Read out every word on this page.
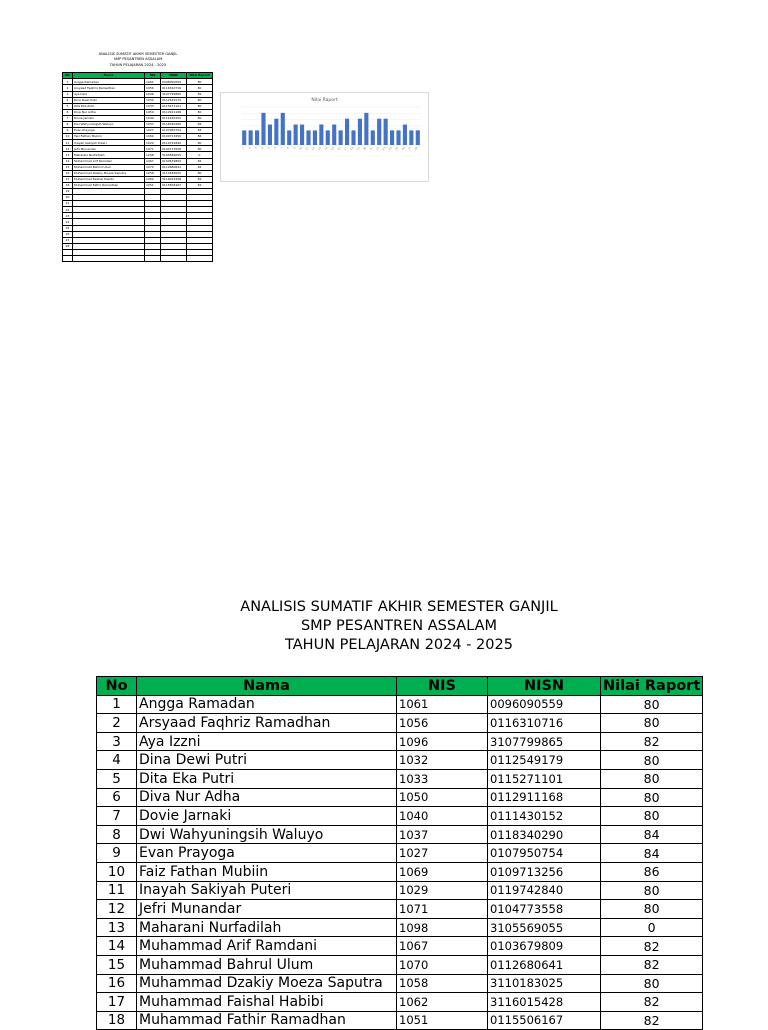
ANALISIS SUMATIF AKHIR SEMESTER GANJIL
SMP PESANTREN ASSALAM
TAHUN PELAJARAN 2024 - 2025
No	Nama	NIS	NISN	Nilai Raport
1	Angga Ramadan	1061	0096090559	80
2	Arsyaad Faqhriz Ramadhan	1056	0116310716	80
3	Aya Izzni	1096	3107799865	82
4	Dina Dewi Putri	1032	0112549179	80
5	Dita Eka Putri	1033	0115271101	80
6	Diva Nur Adha	1050	0112911168	80
7	Dovie Jarnaki	1040	0111430152	80
8	Dwi Wahyuningsih Waluyo	1037	0118340290	84
9	Evan Prayoga	1027	0107950754	84
10	Faiz Fathan Mubiin	1069	0109713256	86
11	Inayah Sakiyah Puteri	1029	0119742840	80
12	Jefri Munandar	1071	0104773558	80
13	Maharani Nurfadilah	1098	3105569055	0
14	Muhammad Arif Ramdani	1067	0103679809	82
15	Muhammad Bahrul Ulum	1070	0112680641	82
16	Muhammad Dzakiy Moeza Saputra	1058	3110183025	80
17	Muhammad Faishal Habibi	1062	3116015428	82
18	Muhammad Fathir Ramadhan	1051	0115506167	82
19				
20				
21				
22				
23				
24				
25				
26				
27				
28				

Nilai Raport
1 2 3 4 5 6 7 8 9 10 11 12 13 14 15 16 17 18 19 20 21 22 23 24 25 26 27 28
ANALISIS SUMATIF AKHIR SEMESTER GANJIL
SMP PESANTREN ASSALAM
TAHUN PELAJARAN 2024 - 2025
No	Nama	NIS	NISN	Nilai Raport
1	Angga Ramadan	1061	0096090559	80
2	Arsyaad Faqhriz Ramadhan	1056	0116310716	80
3	Aya Izzni	1096	3107799865	82
4	Dina Dewi Putri	1032	0112549179	80
5	Dita Eka Putri	1033	0115271101	80
6	Diva Nur Adha	1050	0112911168	80
7	Dovie Jarnaki	1040	0111430152	80
8	Dwi Wahyuningsih Waluyo	1037	0118340290	84
9	Evan Prayoga	1027	0107950754	84
10	Faiz Fathan Mubiin	1069	0109713256	86
11	Inayah Sakiyah Puteri	1029	0119742840	80
12	Jefri Munandar	1071	0104773558	80
13	Maharani Nurfadilah	1098	3105569055	0
14	Muhammad Arif Ramdani	1067	0103679809	82
15	Muhammad Bahrul Ulum	1070	0112680641	82
16	Muhammad Dzakiy Moeza Saputra	1058	3110183025	80
17	Muhammad Faishal Habibi	1062	3116015428	82
18	Muhammad Fathir Ramadhan	1051	0115506167	82
